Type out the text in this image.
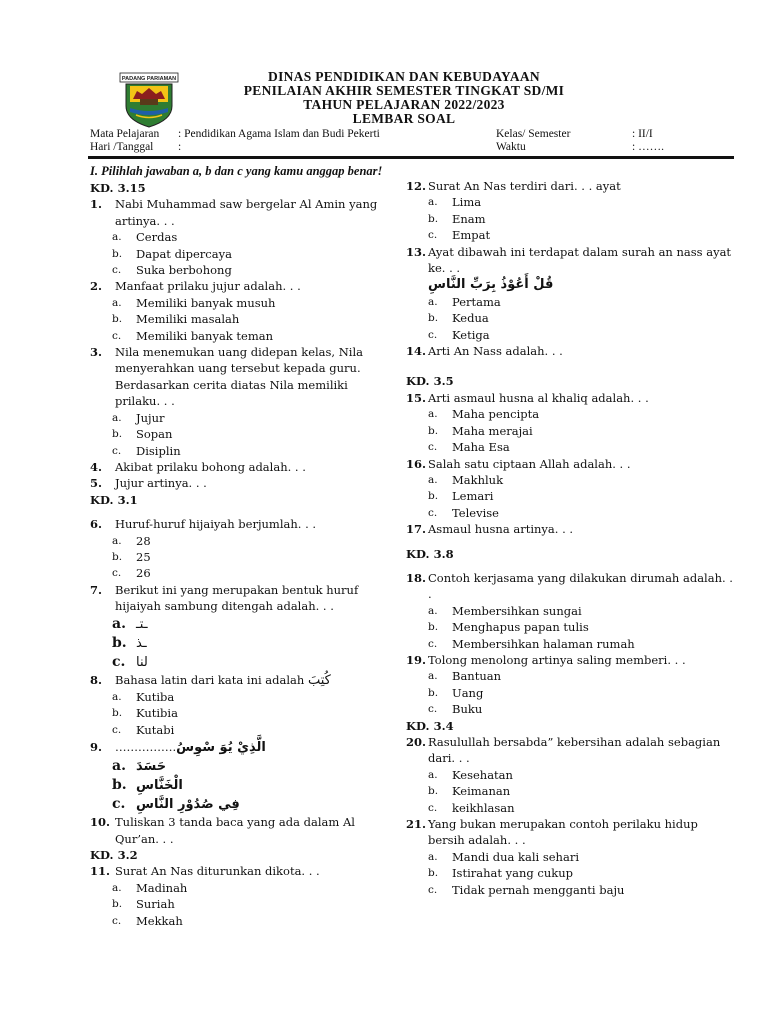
PADANG PARIAMAN	DINAS PENDIDIKAN DAN KEBUDAYAAN
PENILAIAN AKHIR SEMESTER TINGKAT SD/MI
TAHUN PELAJARAN 2022/2023
LEMBAR SOAL
Mata Pelajaran : Pendidikan Agama Islam dan Budi Pekerti	Kelas/ Semester	: II/I
Hari /Tanggal :	Waktu	: …….
I. Pilihlah jawaban a, b dan c yang kamu anggap benar!
KD. 3.15
1.	Nabi Muhammad saw bergelar Al Amin yang artinya. . .
a.	Cerdas
b.	Dapat dipercaya
c.	Suka berbohong
2.	Manfaat prilaku jujur adalah. . .
a.	Memiliki banyak musuh
b.	Memiliki masalah
c.	Memiliki banyak teman
3.	Nila menemukan uang didepan kelas, Nila menyerahkan uang tersebut kepada guru. Berdasarkan cerita diatas Nila memiliki prilaku. . .
a.	Jujur
b.	Sopan
c.	Disiplin
4.	Akibat prilaku bohong adalah. . .
5.	Jujur artinya. . .
KD. 3.1
6.	Huruf-huruf hijaiyah berjumlah. . .
a.	28
b.	25
c.	26
7.	Berikut ini yang merupakan bentuk huruf hijaiyah sambung ditengah adalah. . .
a. ـتـ
b. ـذ
c. لنا
8.	Bahasa latin dari kata ini adalah كُتِبَ
a.	Kutiba
b.	Kutibia
c.	Kutabi
9.	…………….الَّذِيْ يُوَ سْوِسُ
a. حَسَدَ
b. الْخَنَّاسِ
c. فِي صُدُوْرِ النَّاسِ
10. Tuliskan 3 tanda baca yang ada dalam Al Qur’an. . .
KD. 3.2
11. Surat An Nas diturunkan dikota. . .
a.	Madinah
b.	Suriah
c.	Mekkah
12. Surat An Nas terdiri dari. . . ayat
a.	Lima
b.	Enam
c.	Empat
13. Ayat dibawah ini terdapat dalam surah an nass ayat ke. . .
قُلْ أَعُوْذُ بِرَبِّ النَّاسِ
a.	Pertama
b.	Kedua
c.	Ketiga
14. Arti An Nass adalah. . .
KD. 3.5
15. Arti asmaul husna al khaliq adalah. . .
a.	Maha pencipta
b.	Maha merajai
c.	Maha Esa
16. Salah satu ciptaan Allah adalah. . .
a.	Makhluk
b.	Lemari
c.	Televise
17. Asmaul husna artinya. . .
KD. 3.8
18. Contoh kerjasama yang dilakukan dirumah adalah. . .
a.	Membersihkan sungai
b.	Menghapus papan tulis
c.	Membersihkan halaman rumah
19. Tolong menolong artinya saling memberi. . .
a.	Bantuan
b.	Uang
c.	Buku
KD. 3.4
20. Rasulullah bersabda” kebersihan adalah sebagian dari. . .
a.	Kesehatan
b.	Keimanan
c.	keikhlasan
21. Yang bukan merupakan contoh perilaku hidup bersih adalah. . .
a.	Mandi dua kali sehari
b.	Istirahat yang cukup
c.	Tidak pernah mengganti baju
